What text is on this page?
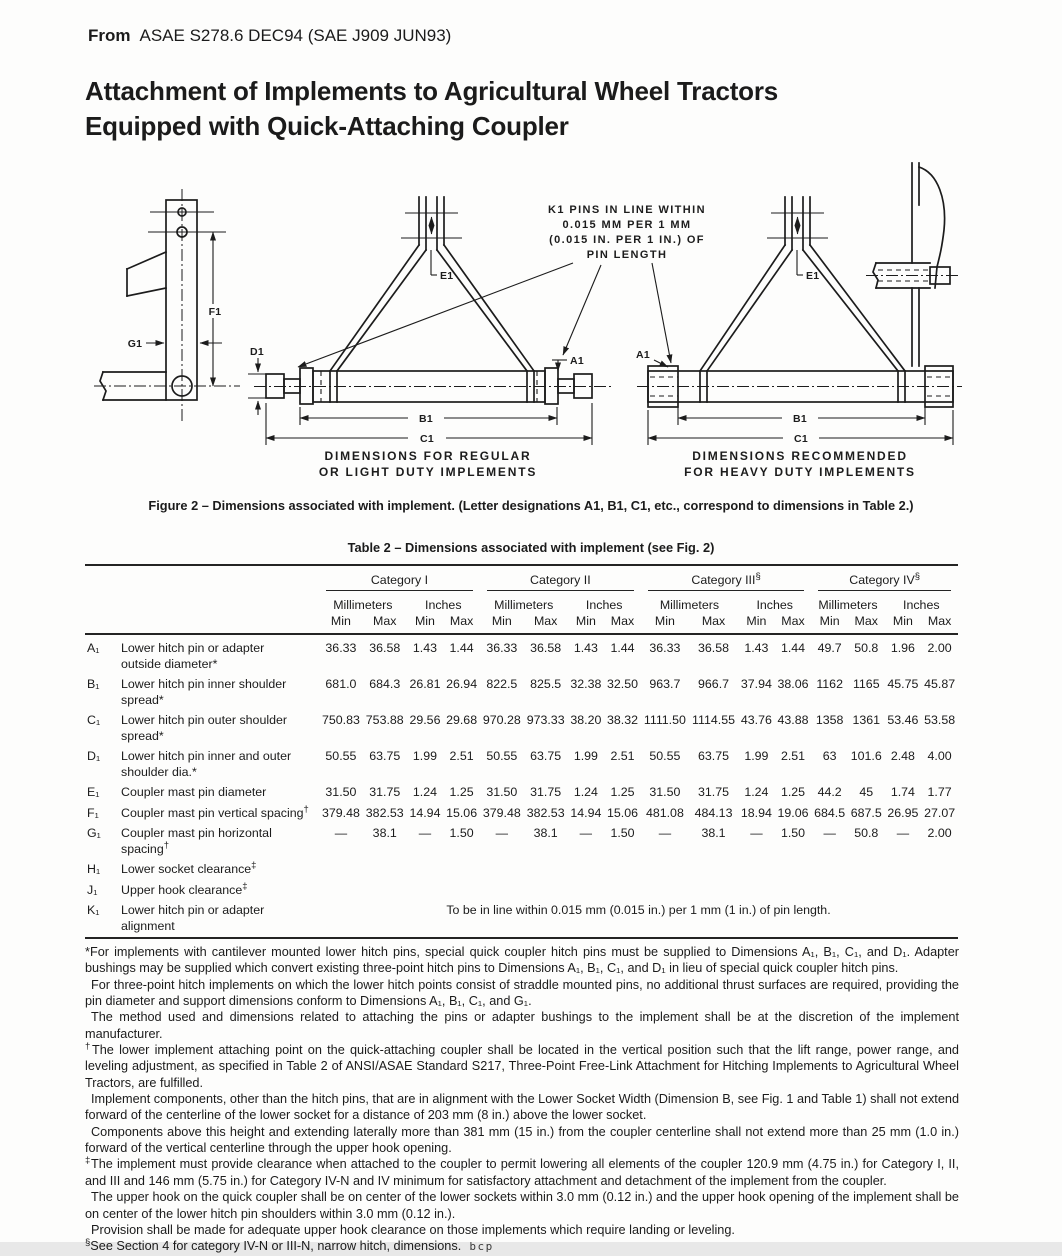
From ASAE S278.6 DEC94 (SAE J909 JUN93)
Attachment of Implements to Agricultural Wheel Tractors
Equipped with Quick-Attaching Coupler
F1
G1
K1 PINS IN LINE WITHIN
0.015 MM PER 1 MM
(0.015 IN. PER 1 IN.) OF
PIN LENGTH
E1
D1
A1
B1
C1
DIMENSIONS FOR REGULAR
OR LIGHT DUTY IMPLEMENTS
E1
A1
B1
C1
DIMENSIONS RECOMMENDED
FOR HEAVY DUTY IMPLEMENTS
Figure 2 – Dimensions associated with implement. (Letter designations A1, B1, C1, etc., correspond to dimensions in Table 2.)
Table 2 – Dimensions associated with implement (see Fig. 2)

		Category I				Category II				Category III§				Category IV§

		Millimeters		Inches		Millimeters		Inches		Millimeters		Inches		Millimeters		Inches	
		Min	Max	Min	Max	Min	Max	Min	Max	Min	Max	Min	Max	Min	Max	Min	Max
A₁	Lower hitch pin or adapter
outside diameter*	36.33	36.58	1.43	1.44	36.33	36.58	1.43	1.44	36.33	36.58	1.43	1.44	49.7	50.8	1.96	2.00
B₁	Lower hitch pin inner shoulder
spread*	681.0	684.3	26.81	26.94	822.5	825.5	32.38	32.50	963.7	966.7	37.94	38.06	1162	1165	45.75	45.87
C₁	Lower hitch pin outer shoulder
spread*	750.83	753.88	29.56	29.68	970.28	973.33	38.20	38.32	1111.50	1114.55	43.76	43.88	1358	1361	53.46	53.58
D₁	Lower hitch pin inner and outer
shoulder dia.*	50.55	63.75	1.99	2.51	50.55	63.75	1.99	2.51	50.55	63.75	1.99	2.51	63	101.6	2.48	4.00
E₁	Coupler mast pin diameter	31.50	31.75	1.24	1.25	31.50	31.75	1.24	1.25	31.50	31.75	1.24	1.25	44.2	45	1.74	1.77
F₁	Coupler mast pin vertical spacing†	379.48	382.53	14.94	15.06	379.48	382.53	14.94	15.06	481.08	484.13	18.94	19.06	684.5	687.5	26.95	27.07
G₁	Coupler mast pin horizontal
spacing†	—	38.1	—	1.50	—	38.1	—	1.50	—	38.1	—	1.50	—	50.8	—	2.00
H₁	Lower socket clearance‡

J₁	Upper hook clearance‡

K₁	Lower hitch pin or adapter
alignment	To be in line within 0.015 mm (0.015 in.) per 1 mm (1 in.) of pin length.															

*For implements with cantilever mounted lower hitch pins, special quick coupler hitch pins must be supplied to Dimensions A₁, B₁, C₁, and D₁. Adapter bushings may be supplied which convert existing three-point hitch pins to Dimensions A₁, B₁, C₁, and D₁ in lieu of special quick coupler hitch pins.

For three-point hitch implements on which the lower hitch points consist of straddle mounted pins, no additional thrust surfaces are required, providing the pin diameter and support dimensions conform to Dimensions A₁, B₁, C₁, and G₁.

The method used and dimensions related to attaching the pins or adapter bushings to the implement shall be at the discretion of the implement manufacturer.

†The lower implement attaching point on the quick-attaching coupler shall be located in the vertical position such that the lift range, power range, and leveling adjustment, as specified in Table 2 of ANSI/ASAE Standard S217, Three-Point Free-Link Attachment for Hitching Implements to Agricultural Wheel Tractors, are fulfilled.

Implement components, other than the hitch pins, that are in alignment with the Lower Socket Width (Dimension B, see Fig. 1 and Table 1) shall not extend forward of the centerline of the lower socket for a distance of 203 mm (8 in.) above the lower socket.

Components above this height and extending laterally more than 381 mm (15 in.) from the coupler centerline shall not extend more than 25 mm (1.0 in.) forward of the vertical centerline through the upper hook opening.

‡The implement must provide clearance when attached to the coupler to permit lowering all elements of the coupler 120.9 mm (4.75 in.) for Category I, II, and III and 146 mm (5.75 in.) for Category IV-N and IV minimum for satisfactory attachment and detachment of the implement from the coupler.

The upper hook on the quick coupler shall be on center of the lower sockets within 3.0 mm (0.12 in.) and the upper hook opening of the implement shall be on center of the lower hitch pin shoulders within 3.0 mm (0.12 in.).

Provision shall be made for adequate upper hook clearance on those implements which require landing or leveling.

§See Section 4 for category IV-N or III-N, narrow hitch, dimensions. bcp
